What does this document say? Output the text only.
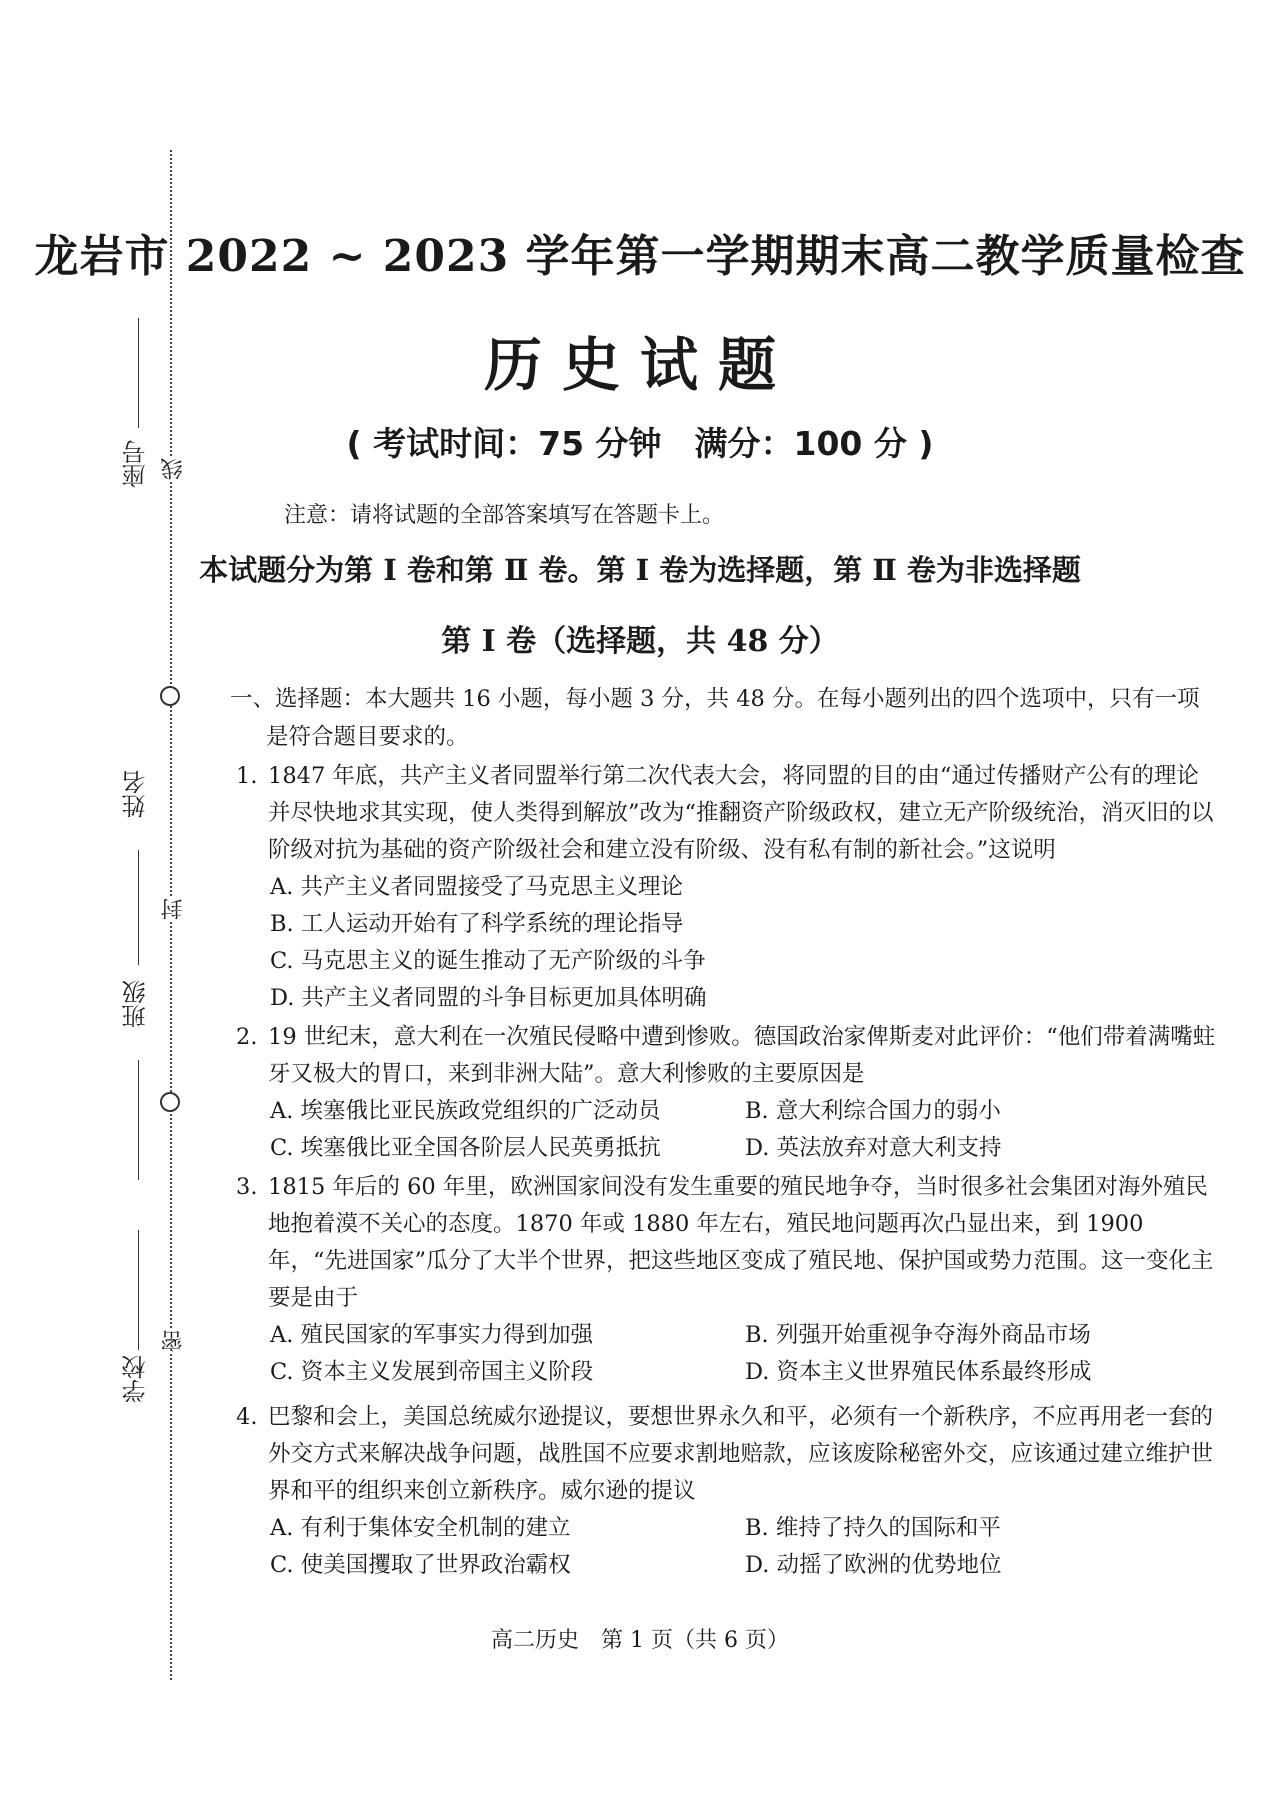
座号
姓名
班级
学校
线
封
密
龙岩市 2022 ~ 2023 学年第一学期期末高二教学质量检查
历史试题
( 考试时间：75 分钟　满分：100 分 )
注意：请将试题的全部答案填写在答题卡上。
本试题分为第 Ⅰ 卷和第 Ⅱ 卷。第 Ⅰ 卷为选择题，第 Ⅱ 卷为非选择题
第 Ⅰ 卷（选择题，共 48 分）
一、选择题：本大题共 16 小题，每小题 3 分，共 48 分。在每小题列出的四个选项中，只有一项是符合题目要求的。
1. 1847 年底，共产主义者同盟举行第二次代表大会，将同盟的目的由“通过传播财产公有的理论并尽快地求其实现，使人类得到解放”改为“推翻资产阶级政权，建立无产阶级统治，消灭旧的以阶级对抗为基础的资产阶级社会和建立没有阶级、没有私有制的新社会。”这说明
A. 共产主义者同盟接受了马克思主义理论
B. 工人运动开始有了科学系统的理论指导
C. 马克思主义的诞生推动了无产阶级的斗争
D. 共产主义者同盟的斗争目标更加具体明确
2. 19 世纪末，意大利在一次殖民侵略中遭到惨败。德国政治家俾斯麦对此评价：“他们带着满嘴蛀牙又极大的胃口，来到非洲大陆”。意大利惨败的主要原因是
A. 埃塞俄比亚民族政党组织的广泛动员	B. 意大利综合国力的弱小
C. 埃塞俄比亚全国各阶层人民英勇抵抗	D. 英法放弃对意大利支持
3. 1815 年后的 60 年里，欧洲国家间没有发生重要的殖民地争夺，当时很多社会集团对海外殖民地抱着漠不关心的态度。1870 年或 1880 年左右，殖民地问题再次凸显出来，到 1900 年，“先进国家”瓜分了大半个世界，把这些地区变成了殖民地、保护国或势力范围。这一变化主要是由于
A. 殖民国家的军事实力得到加强	B. 列强开始重视争夺海外商品市场
C. 资本主义发展到帝国主义阶段	D. 资本主义世界殖民体系最终形成
4. 巴黎和会上，美国总统威尔逊提议，要想世界永久和平，必须有一个新秩序，不应再用老一套的外交方式来解决战争问题，战胜国不应要求割地赔款，应该废除秘密外交，应该通过建立维护世界和平的组织来创立新秩序。威尔逊的提议
A. 有利于集体安全机制的建立	B. 维持了持久的国际和平
C. 使美国攫取了世界政治霸权	D. 动摇了欧洲的优势地位
高二历史　第 1 页（共 6 页）
